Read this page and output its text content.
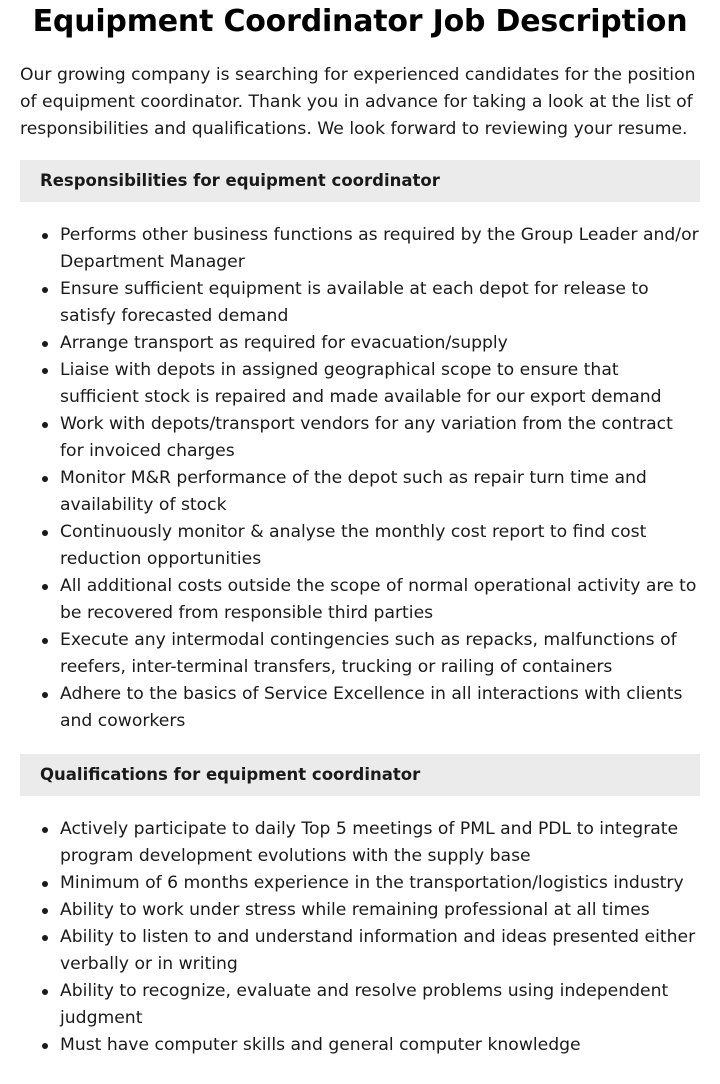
Equipment Coordinator Job Description

Our growing company is searching for experienced candidates for the position of equipment coordinator. Thank you in advance for taking a look at the list of responsibilities and qualifications. We look forward to reviewing your resume.

Responsibilities for equipment coordinator
Performs other business functions as required by the Group Leader and/or Department Manager
Ensure sufficient equipment is available at each depot for release to satisfy forecasted demand
Arrange transport as required for evacuation/supply
Liaise with depots in assigned geographical scope to ensure that sufficient stock is repaired and made available for our export demand
Work with depots/transport vendors for any variation from the contract for invoiced charges
Monitor M&R performance of the depot such as repair turn time and availability of stock
Continuously monitor & analyse the monthly cost report to find cost reduction opportunities
All additional costs outside the scope of normal operational activity are to be recovered from responsible third parties
Execute any intermodal contingencies such as repacks, malfunctions of reefers, inter-terminal transfers, trucking or railing of containers
Adhere to the basics of Service Excellence in all interactions with clients and coworkers
Qualifications for equipment coordinator
Actively participate to daily Top 5 meetings of PML and PDL to integrate program development evolutions with the supply base
Minimum of 6 months experience in the transportation/logistics industry
Ability to work under stress while remaining professional at all times
Ability to listen to and understand information and ideas presented either verbally or in writing
Ability to recognize, evaluate and resolve problems using independent judgment
Must have computer skills and general computer knowledge
